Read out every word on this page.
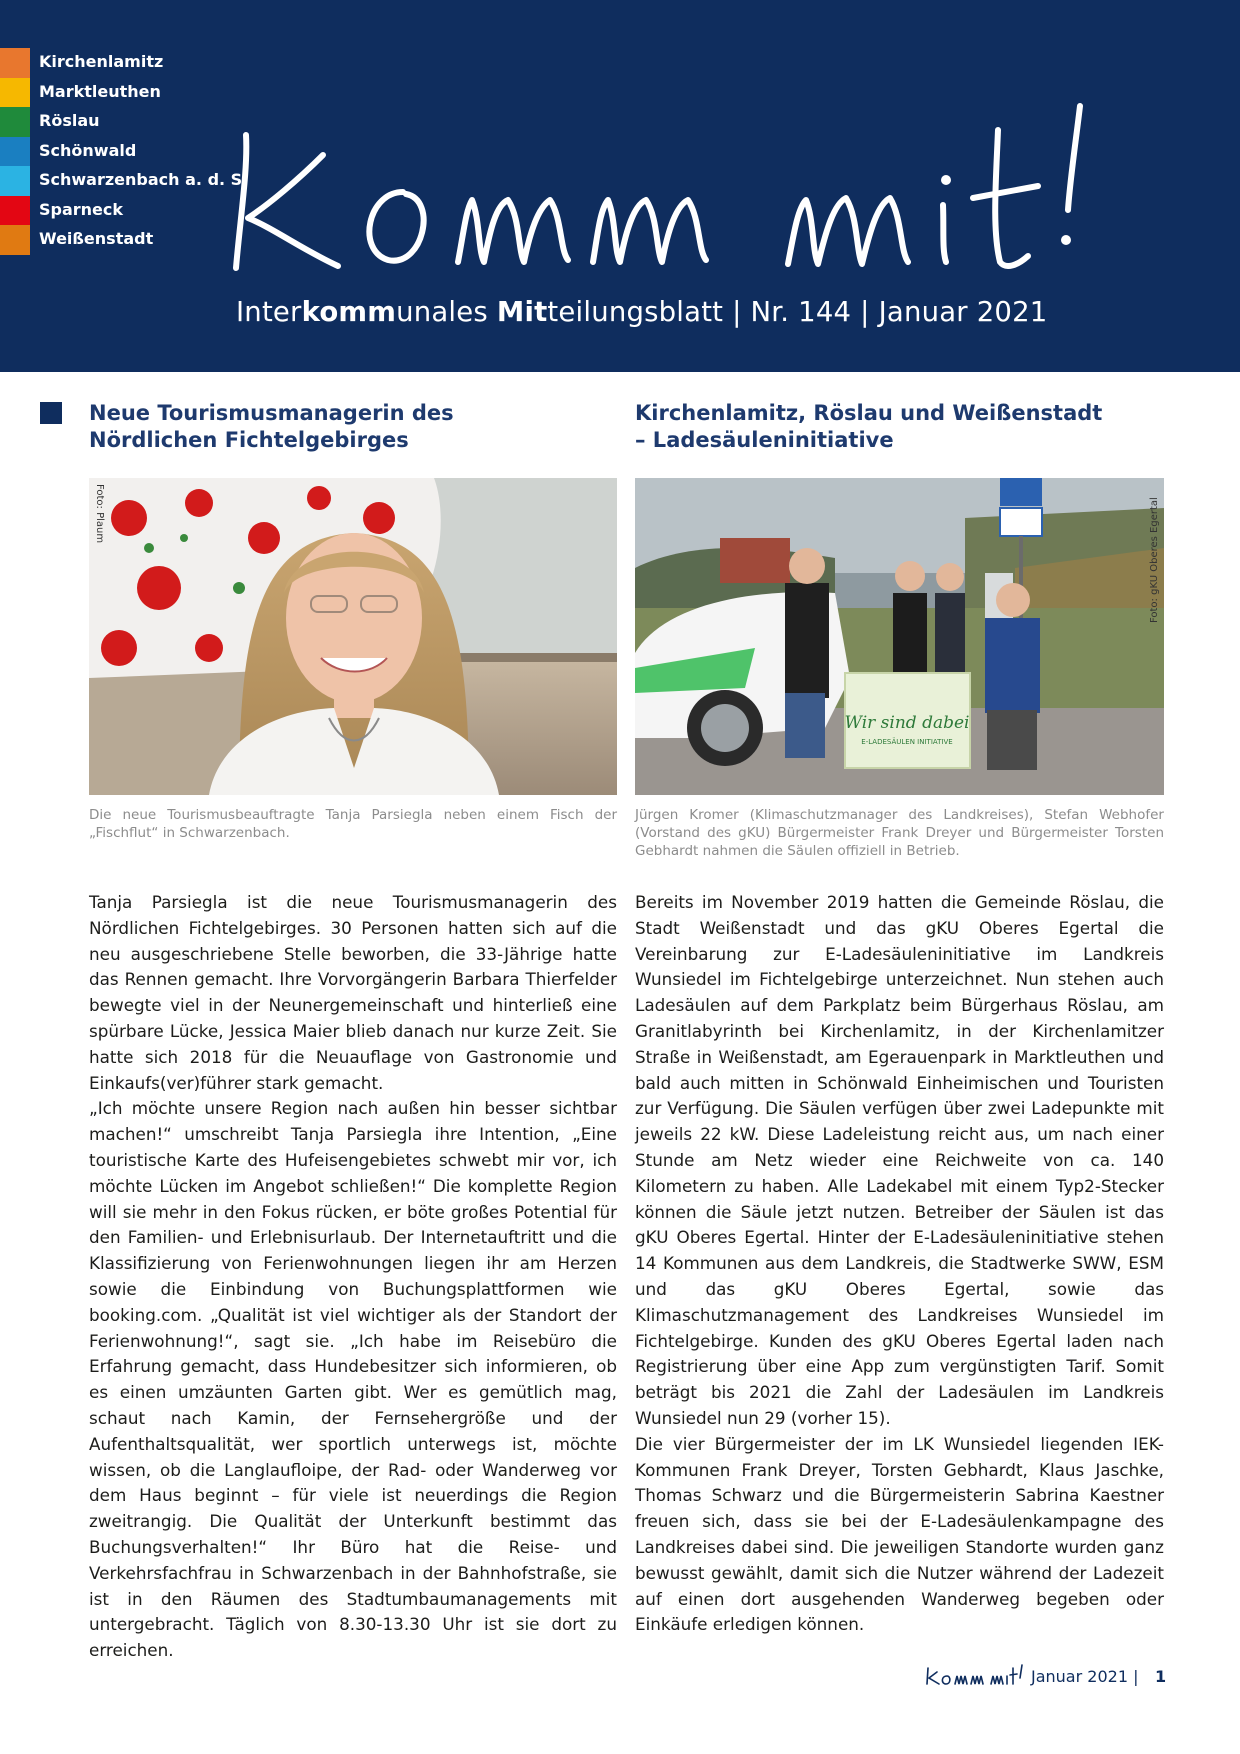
Kirchenlamitz
Marktleuthen
Röslau
Schönwald
Schwarzenbach a. d. S.
Sparneck
Weißenstadt
Interkommunales Mitteilungsblatt | Nr. 144 | Januar 2021
Neue Tourismusmanagerin des Nördlichen Fichtelgebirges
Foto: Plaum
Die neue Tourismusbeauftragte Tanja Parsiegla neben einem Fisch der „Fischflut“ in Schwarzenbach.

Tanja Parsiegla ist die neue Tourismusmanagerin des Nördlichen Fichtelgebirges. 30 Personen hatten sich auf die neu ausgeschriebene Stelle beworben, die 33-Jährige hatte das Rennen gemacht. Ihre Vorvorgängerin Barbara Thierfelder bewegte viel in der Neunergemeinschaft und hinterließ eine spürbare Lücke, Jessica Maier blieb danach nur kurze Zeit. Sie hatte sich 2018 für die Neuauflage von Gastronomie und Einkaufs(ver)führer stark gemacht.

„Ich möchte unsere Region nach außen hin besser sichtbar machen!“ umschreibt Tanja Parsiegla ihre Intention, „Eine touristische Karte des Hufeisengebietes schwebt mir vor, ich möchte Lücken im Angebot schließen!“ Die komplette Region will sie mehr in den Fokus rücken, er böte großes Potential für den Familien- und Erlebnisurlaub. Der Internetauftritt und die Klassifizierung von Ferienwohnungen liegen ihr am Herzen sowie die Einbindung von Buchungsplattformen wie booking.com. „Qualität ist viel wichtiger als der Standort der Ferienwohnung!“, sagt sie. „Ich habe im Reisebüro die Erfahrung gemacht, dass Hundebesitzer sich informieren, ob es einen umzäunten Garten gibt. Wer es gemütlich mag, schaut nach Kamin, der Fernsehergröße und der Aufenthaltsqualität, wer sportlich unterwegs ist, möchte wissen, ob die Langlaufloipe, der Rad- oder Wanderweg vor dem Haus beginnt – für viele ist neuerdings die Region zweitrangig. Die Qualität der Unterkunft bestimmt das Buchungsverhalten!“ Ihr Büro hat die Reise- und Verkehrsfachfrau in Schwarzenbach in der Bahnhofstraße, sie ist in den Räumen des Stadtumbaumanagements mit untergebracht. Täglich von 8.30-13.30 Uhr ist sie dort zu erreichen.

Kirchenlamitz, Röslau und Weißenstadt – Ladesäuleninitiative
Wir sind dabei
E-LADESÄULEN INITIATIVE
Foto: gKU Oberes Egertal
Jürgen Kromer (Klimaschutzmanager des Landkreises), Stefan Webhofer (Vorstand des gKU) Bürgermeister Frank Dreyer und Bürgermeister Torsten Gebhardt nahmen die Säulen offiziell in Betrieb.

Bereits im November 2019 hatten die Gemeinde Röslau, die Stadt Weißenstadt und das gKU Oberes Egertal die Vereinbarung zur E-Ladesäuleninitiative im Landkreis Wunsiedel im Fichtelgebirge unterzeichnet. Nun stehen auch Ladesäulen auf dem Parkplatz beim Bürgerhaus Röslau, am Granitlabyrinth bei Kirchenlamitz, in der Kirchenlamitzer Straße in Weißenstadt, am Egerauenpark in Marktleuthen und bald auch mitten in Schönwald Einheimischen und Touristen zur Verfügung. Die Säulen verfügen über zwei Ladepunkte mit jeweils 22 kW. Diese Ladeleistung reicht aus, um nach einer Stunde am Netz wieder eine Reichweite von ca. 140 Kilometern zu haben. Alle Ladekabel mit einem Typ2-Stecker können die Säule jetzt nutzen. Betreiber der Säulen ist das gKU Oberes Egertal. Hinter der E-Ladesäuleninitiative stehen 14 Kommunen aus dem Landkreis, die Stadtwerke SWW, ESM und das gKU Oberes Egertal, sowie das Klimaschutzmanagement des Landkreises Wunsiedel im Fichtelgebirge. Kunden des gKU Oberes Egertal laden nach Registrierung über eine App zum vergünstigten Tarif. Somit beträgt bis 2021 die Zahl der Ladesäulen im Landkreis Wunsiedel nun 29 (vorher 15).

Die vier Bürgermeister der im LK Wunsiedel liegenden IEK-Kommunen Frank Dreyer, Torsten Gebhardt, Klaus Jaschke, Thomas Schwarz und die Bürgermeisterin Sabrina Kaestner freuen sich, dass sie bei der E-Ladesäulenkampagne des Landkreises dabei sind. Die jeweiligen Standorte wurden ganz bewusst gewählt, damit sich die Nutzer während der Ladezeit auf einen dort ausgehenden Wanderweg begeben oder Einkäufe erledigen können.

Januar 2021 | 1
